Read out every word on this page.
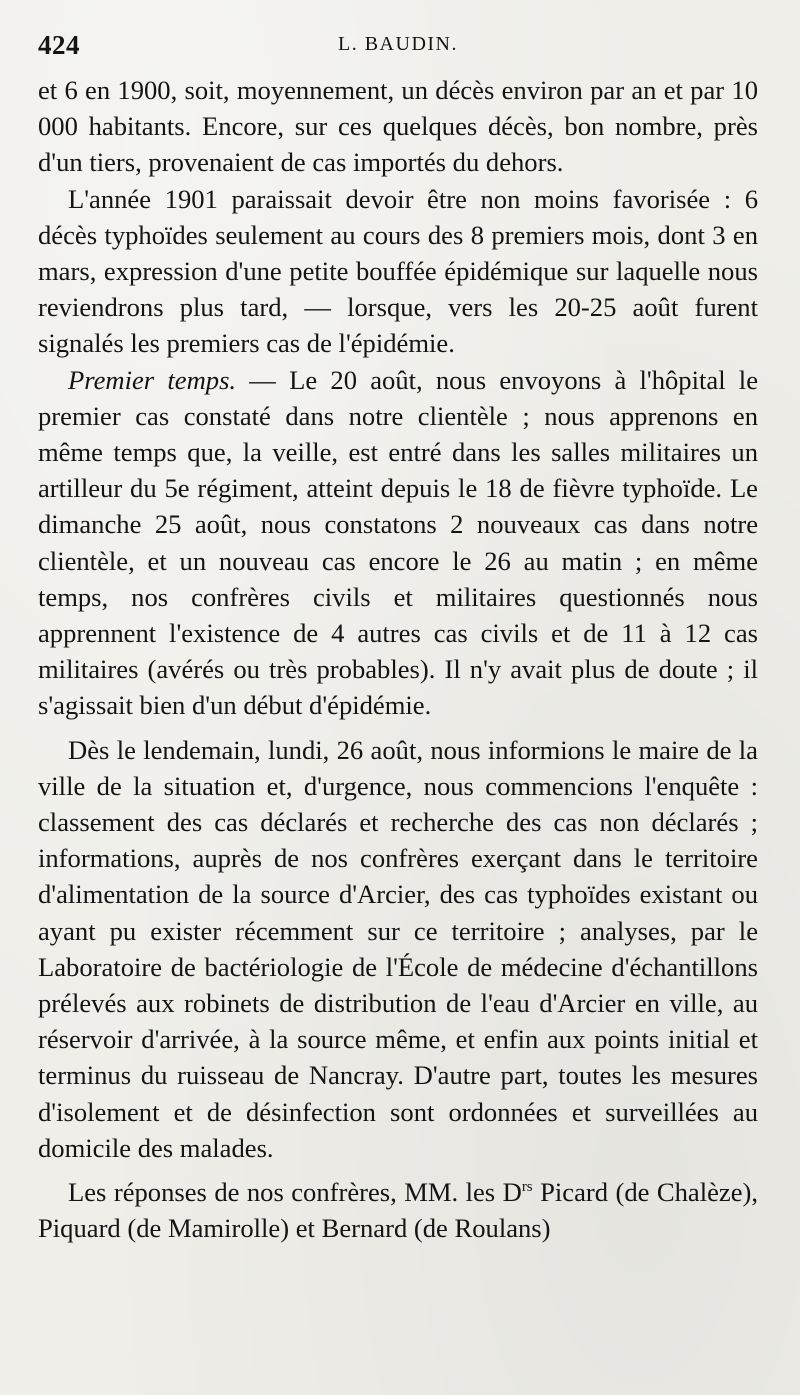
424	L. BAUDIN.

et 6 en 1900, soit, moyennement, un décès environ par an et par 10 000 habitants. Encore, sur ces quelques décès, bon nombre, près d'un tiers, provenaient de cas importés du dehors.

L'année 1901 paraissait devoir être non moins favorisée : 6 décès typhoïdes seulement au cours des 8 premiers mois, dont 3 en mars, expression d'une petite bouffée épidémique sur laquelle nous reviendrons plus tard, — lorsque, vers les 20-25 août furent signalés les premiers cas de l'épidémie.

Premier temps. — Le 20 août, nous envoyons à l'hôpital le premier cas constaté dans notre clientèle ; nous apprenons en même temps que, la veille, est entré dans les salles militaires un artilleur du 5e régiment, atteint depuis le 18 de fièvre typhoïde. Le dimanche 25 août, nous constatons 2 nouveaux cas dans notre clientèle, et un nouveau cas encore le 26 au matin ; en même temps, nos confrères civils et militaires questionnés nous apprennent l'existence de 4 autres cas civils et de 11 à 12 cas militaires (avérés ou très probables). Il n'y avait plus de doute ; il s'agissait bien d'un début d'épidémie.

Dès le lendemain, lundi, 26 août, nous informions le maire de la ville de la situation et, d'urgence, nous commencions l'enquête : classement des cas déclarés et recherche des cas non déclarés ; informations, auprès de nos confrères exerçant dans le territoire d'alimentation de la source d'Arcier, des cas typhoïdes existant ou ayant pu exister récemment sur ce territoire ; analyses, par le Laboratoire de bactériologie de l'École de médecine d'échantillons prélevés aux robinets de distribution de l'eau d'Arcier en ville, au réservoir d'arrivée, à la source même, et enfin aux points initial et terminus du ruisseau de Nancray. D'autre part, toutes les mesures d'isolement et de désinfection sont ordonnées et surveillées au domicile des malades.

Les réponses de nos confrères, MM. les $D^{rs}$ Picard (de Chalèze), Piquard (de Mamirolle) et Bernard (de Roulans)
